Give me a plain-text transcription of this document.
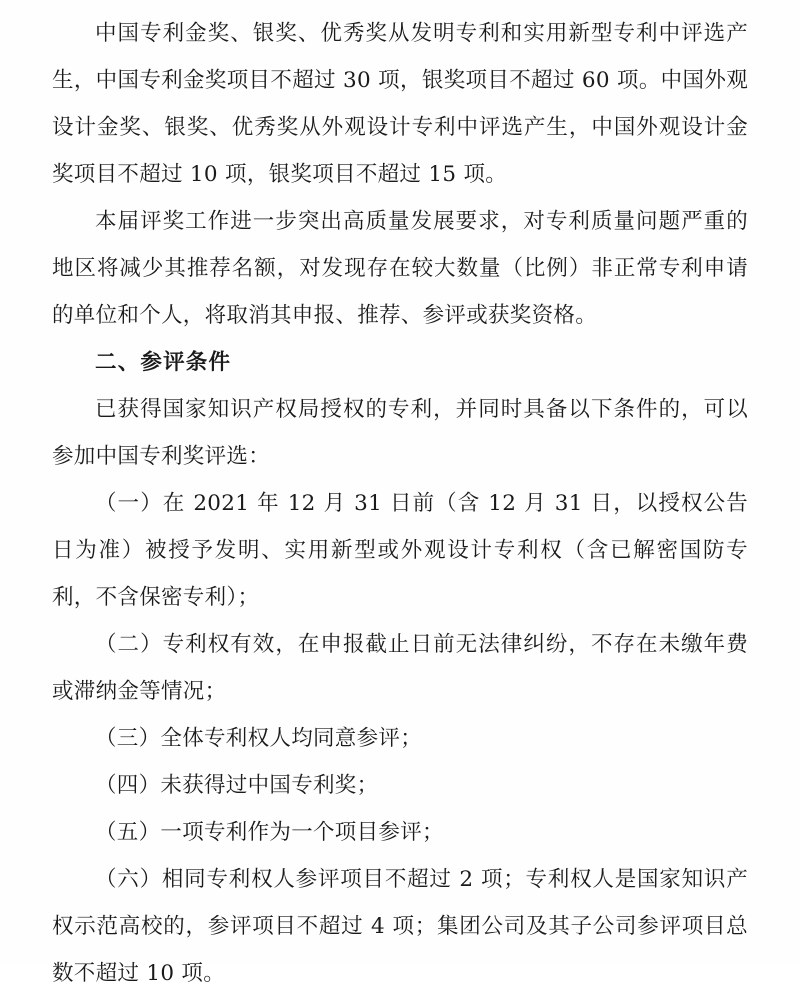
中国专利金奖、银奖、优秀奖从发明专利和实用新型专利中评选产生，中国专利金奖项目不超过 30 项，银奖项目不超过 60 项。中国外观设计金奖、银奖、优秀奖从外观设计专利中评选产生，中国外观设计金奖项目不超过 10 项，银奖项目不超过 15 项。

本届评奖工作进一步突出高质量发展要求，对专利质量问题严重的地区将减少其推荐名额，对发现存在较大数量（比例）非正常专利申请的单位和个人，将取消其申报、推荐、参评或获奖资格。

二、参评条件

已获得国家知识产权局授权的专利，并同时具备以下条件的，可以参加中国专利奖评选：

（一）在 2021 年 12 月 31 日前（含 12 月 31 日，以授权公告日为准）被授予发明、实用新型或外观设计专利权（含已解密国防专利，不含保密专利）；

（二）专利权有效，在申报截止日前无法律纠纷，不存在未缴年费或滞纳金等情况；

（三）全体专利权人均同意参评；

（四）未获得过中国专利奖；

（五）一项专利作为一个项目参评；

（六）相同专利权人参评项目不超过 2 项；专利权人是国家知识产权示范高校的，参评项目不超过 4 项；集团公司及其子公司参评项目总数不超过 10 项。
